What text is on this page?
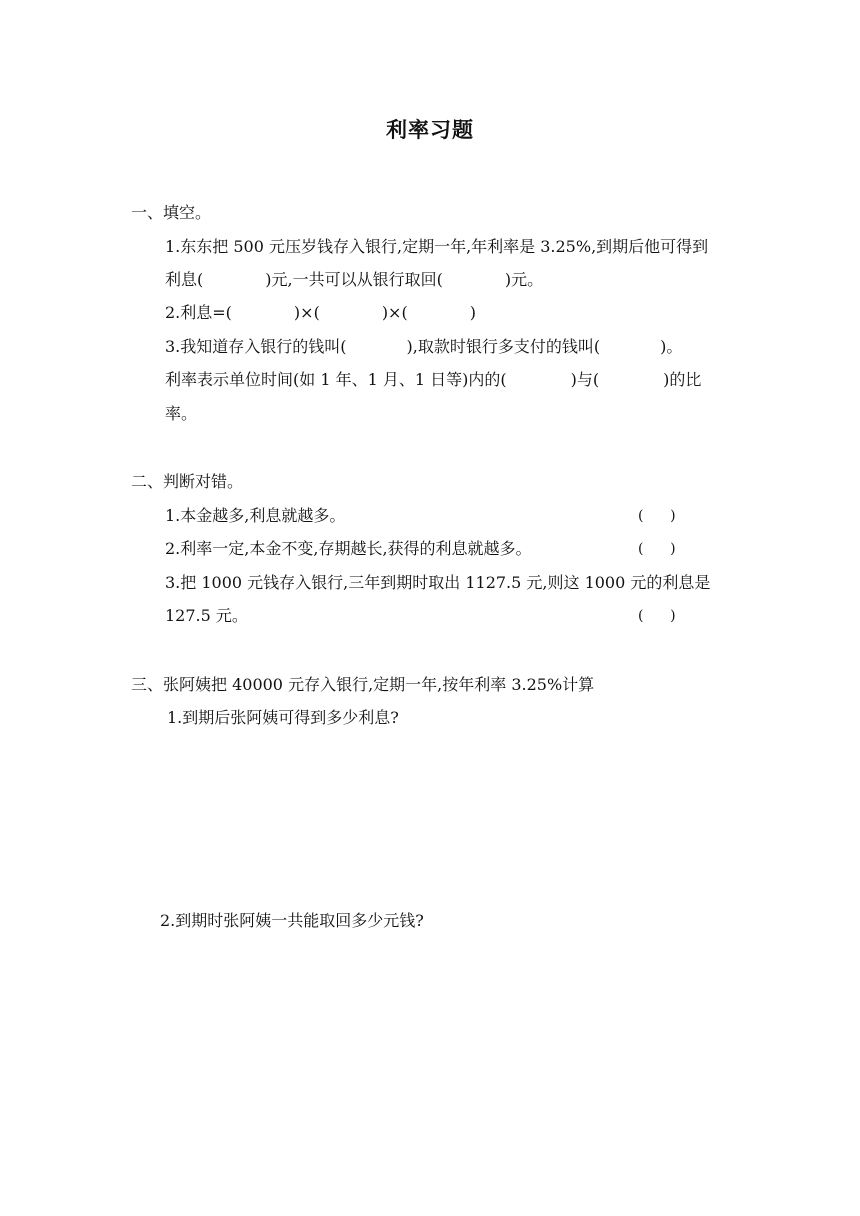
利率习题
一、填空。
1.东东把 500 元压岁钱存入银行,定期一年,年利率是 3.25%,到期后他可得到
利息(	)元,一共可以从银行取回(	)元。
2.利息=(	)×(	)×(	)
3.我知道存入银行的钱叫(	),取款时银行多支付的钱叫(	)。
利率表示单位时间(如 1 年、1 月、1 日等)内的(	)与(	)的比
率。
二、判断对错。
1.本金越多,利息就越多。	(      )
2.利率一定,本金不变,存期越长,获得的利息就越多。	(      )
3.把 1000 元钱存入银行,三年到期时取出 1127.5 元,则这 1000 元的利息是
127.5 元。	(      )
三、张阿姨把 40000 元存入银行,定期一年,按年利率 3.25%计算
1.到期后张阿姨可得到多少利息?
2.到期时张阿姨一共能取回多少元钱?
